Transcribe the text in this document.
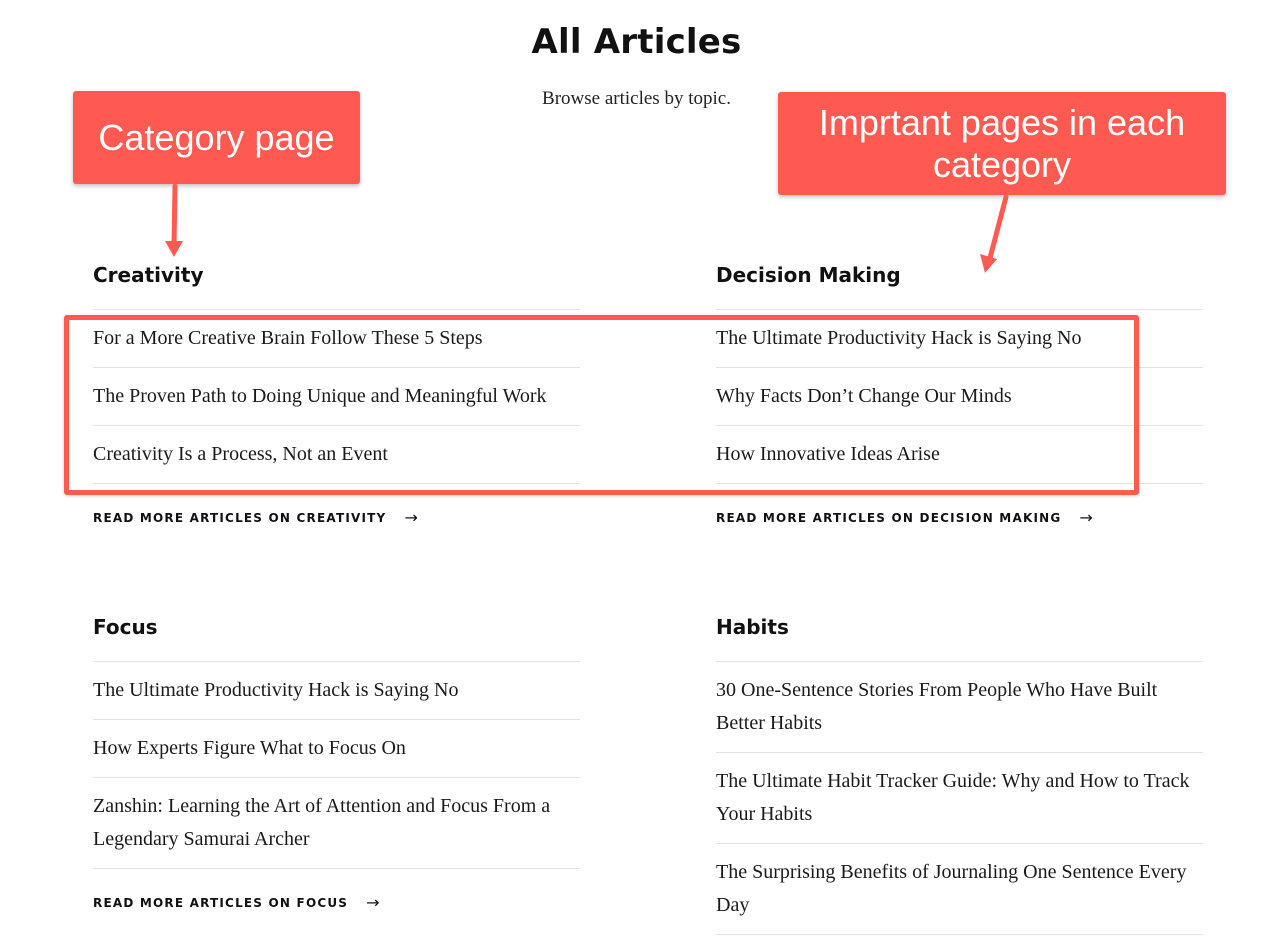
All Articles

Browse articles by topic.

Creativity
For a More Creative Brain Follow These 5 Steps
The Proven Path to Doing Unique and Meaningful Work
Creativity Is a Process, Not an Event
READ MORE ARTICLES ON CREATIVITY →
Decision Making
The Ultimate Productivity Hack is Saying No
Why Facts Don’t Change Our Minds
How Innovative Ideas Arise
READ MORE ARTICLES ON DECISION MAKING →
Focus
The Ultimate Productivity Hack is Saying No
How Experts Figure What to Focus On
Zanshin: Learning the Art of Attention and Focus From a Legendary Samurai Archer
READ MORE ARTICLES ON FOCUS →
Habits
30 One-Sentence Stories From People Who Have Built Better Habits
The Ultimate Habit Tracker Guide: Why and How to Track Your Habits
The Surprising Benefits of Journaling One Sentence Every Day
Category page	Imprtant pages in each category
